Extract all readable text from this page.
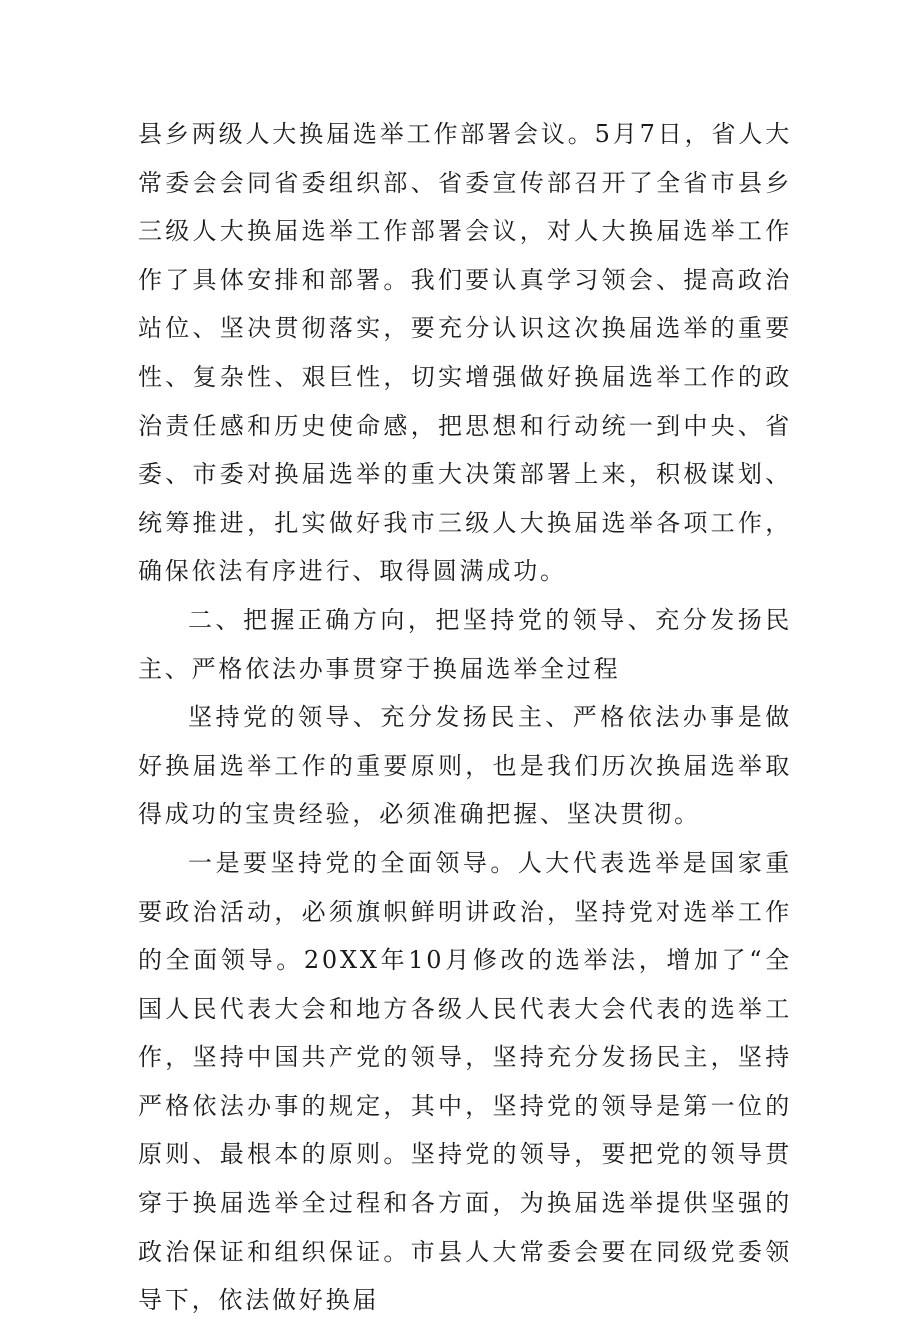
县乡两级人大换届选举工作部署会议。5月7日，省人大常委会会同省委组织部、省委宣传部召开了全省市县乡三级人大换届选举工作部署会议，对人大换届选举工作作了具体安排和部署。我们要认真学习领会、提高政治站位、坚决贯彻落实，要充分认识这次换届选举的重要性、复杂性、艰巨性，切实增强做好换届选举工作的政治责任感和历史使命感，把思想和行动统一到中央、省委、市委对换届选举的重大决策部署上来，积极谋划、统筹推进，扎实做好我市三级人大换届选举各项工作，确保依法有序进行、取得圆满成功。

二、把握正确方向，把坚持党的领导、充分发扬民主、严格依法办事贯穿于换届选举全过程

坚持党的领导、充分发扬民主、严格依法办事是做好换届选举工作的重要原则，也是我们历次换届选举取得成功的宝贵经验，必须准确把握、坚决贯彻。

一是要坚持党的全面领导。人大代表选举是国家重要政治活动，必须旗帜鲜明讲政治，坚持党对选举工作的全面领导。20XX年10月修改的选举法，增加了“全国人民代表大会和地方各级人民代表大会代表的选举工作，坚持中国共产党的领导，坚持充分发扬民主，坚持严格依法办事的规定，其中，坚持党的领导是第一位的原则、最根本的原则。坚持党的领导，要把党的领导贯穿于换届选举全过程和各方面，为换届选举提供坚强的政治保证和组织保证。市县人大常委会要在同级党委领导下，依法做好换届
